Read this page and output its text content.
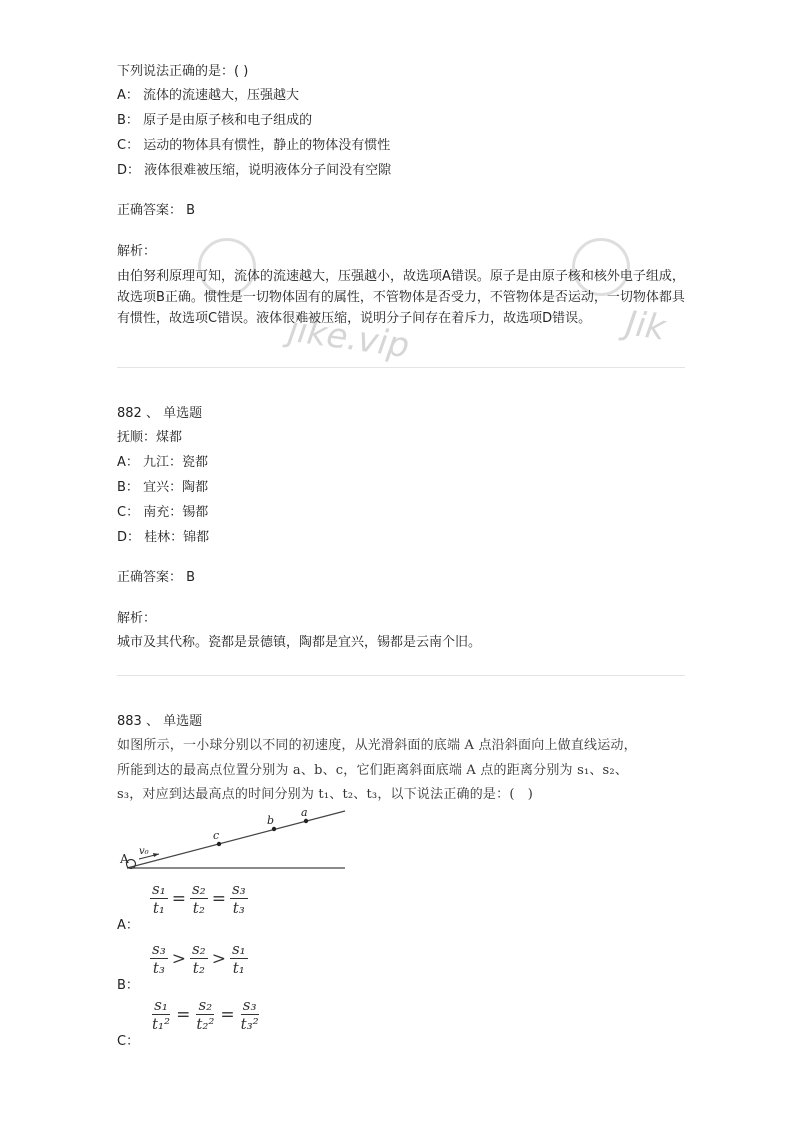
jike.vip	Jik
下列说法正确的是：( )
A： 流体的流速越大，压强越大
B： 原子是由原子核和电子组成的
C： 运动的物体具有惯性，静止的物体没有惯性
D： 液体很难被压缩，说明液体分子间没有空隙
正确答案： B
解析：
由伯努利原理可知，流体的流速越大，压强越小，故选项A错误。原子是由原子核和核外电子组成，故选项B正确。惯性是一切物体固有的属性，不管物体是否受力，不管物体是否运动，一切物体都具有惯性，故选项C错误。液体很难被压缩，说明分子间存在着斥力，故选项D错误。
882 、 单选题
抚顺：煤都
A： 九江：瓷都
B： 宜兴：陶都
C： 南充：锡都
D： 桂林：锦都
正确答案： B
解析：
城市及其代称。瓷都是景德镇，陶都是宜兴，锡都是云南个旧。
883 、 单选题
如图所示，一小球分别以不同的初速度，从光滑斜面的底端 A 点沿斜面向上做直线运动，
所能到达的最高点位置分别为 a、b、c，它们距离斜面底端 A 点的距离分别为 s₁、s₂、
s₃，对应到达最高点的时间分别为 t₁、t₂、t₃，以下说法正确的是：(　)
A
v₀
c
b
a
A：
$\frac{\text{s₁}}{\text{t₁}} = \frac{\text{s₂}}{\text{t₂}} = \frac{\text{s₃}}{\text{t₃}}$
B：
$\frac{\text{s₃}}{\text{t₃}} > \frac{\text{s₂}}{\text{t₂}} > \frac{\text{s₁}}{\text{t₁}}$
C：
$\frac{\text{s₁}}{\text{t₁²}} = \frac{\text{s₂}}{\text{t₂²}} = \frac{\text{s₃}}{\text{t₃²}}$
